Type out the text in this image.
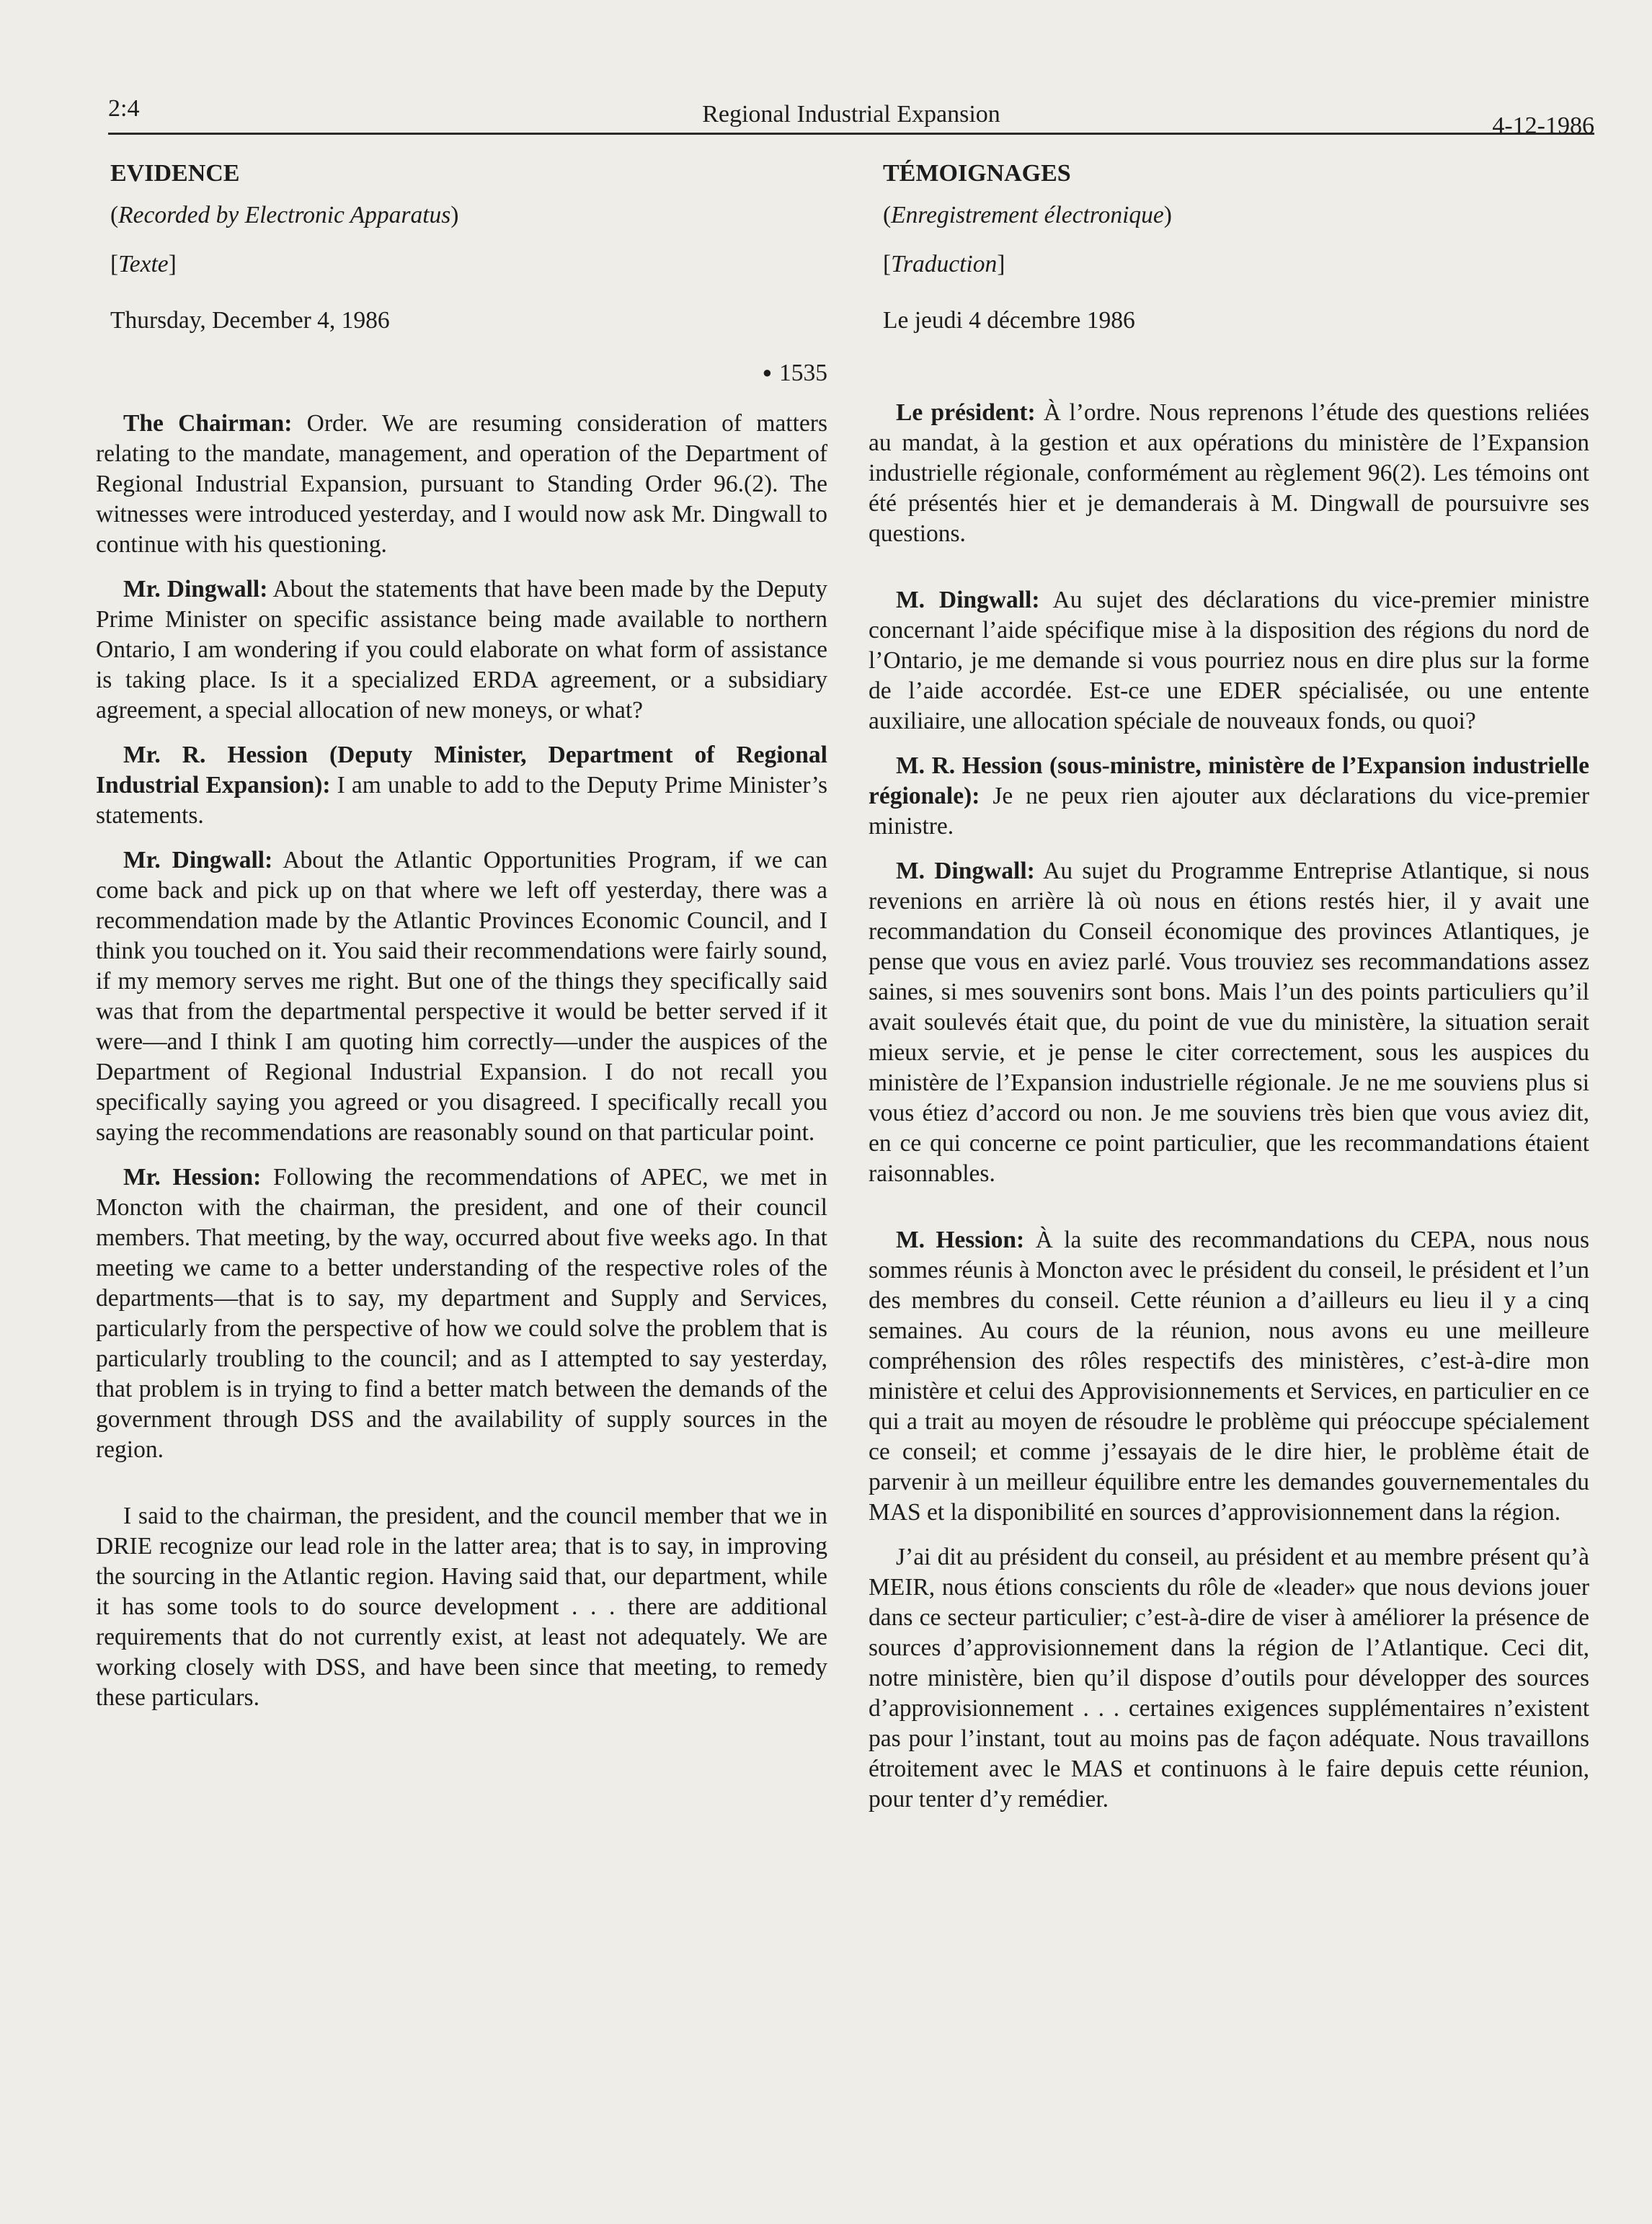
2:4	Regional Industrial Expansion	4-12-1986
EVIDENCE
(Recorded by Electronic Apparatus)
[Texte]
Thursday, December 4, 1986
● 1535

The Chairman: Order. We are resuming consideration of matters relating to the mandate, management, and operation of the Department of Regional Industrial Expansion, pursuant to Standing Order 96.(2). The witnesses were introduced yesterday, and I would now ask Mr. Dingwall to continue with his questioning.

Mr. Dingwall: About the statements that have been made by the Deputy Prime Minister on specific assistance being made available to northern Ontario, I am wondering if you could elaborate on what form of assistance is taking place. Is it a specialized ERDA agreement, or a subsidiary agreement, a special allocation of new moneys, or what?

Mr. R. Hession (Deputy Minister, Department of Regional Industrial Expansion): I am unable to add to the Deputy Prime Minister’s statements.

Mr. Dingwall: About the Atlantic Opportunities Program, if we can come back and pick up on that where we left off yesterday, there was a recommendation made by the Atlantic Provinces Economic Council, and I think you touched on it. You said their recommendations were fairly sound, if my memory serves me right. But one of the things they specifically said was that from the departmental perspective it would be better served if it were—and I think I am quoting him correctly—under the auspices of the Department of Regional Industrial Expansion. I do not recall you specifically saying you agreed or you disagreed. I specifically recall you saying the recommendations are reasonably sound on that particular point.

Mr. Hession: Following the recommendations of APEC, we met in Moncton with the chairman, the president, and one of their council members. That meeting, by the way, occurred about five weeks ago. In that meeting we came to a better understanding of the respective roles of the departments—that is to say, my department and Supply and Services, particularly from the perspective of how we could solve the problem that is particularly troubling to the council; and as I attempted to say yesterday, that problem is in trying to find a better match between the demands of the government through DSS and the availability of supply sources in the region.

I said to the chairman, the president, and the council member that we in DRIE recognize our lead role in the latter area; that is to say, in improving the sourcing in the Atlantic region. Having said that, our department, while it has some tools to do source development . . . there are additional requirements that do not currently exist, at least not adequately. We are working closely with DSS, and have been since that meeting, to remedy these particulars.

TÉMOIGNAGES
(Enregistrement électronique)
[Traduction]
Le jeudi 4 décembre 1986

Le président: À l’ordre. Nous reprenons l’étude des questions reliées au mandat, à la gestion et aux opérations du ministère de l’Expansion industrielle régionale, conformément au règlement 96(2). Les témoins ont été présentés hier et je demanderais à M. Dingwall de poursuivre ses questions.

M. Dingwall: Au sujet des déclarations du vice-premier ministre concernant l’aide spécifique mise à la disposition des régions du nord de l’Ontario, je me demande si vous pourriez nous en dire plus sur la forme de l’aide accordée. Est-ce une EDER spécialisée, ou une entente auxiliaire, une allocation spéciale de nouveaux fonds, ou quoi?

M. R. Hession (sous-ministre, ministère de l’Expansion industrielle régionale): Je ne peux rien ajouter aux déclarations du vice-premier ministre.

M. Dingwall: Au sujet du Programme Entreprise Atlantique, si nous revenions en arrière là où nous en étions restés hier, il y avait une recommandation du Conseil économique des provinces Atlantiques, je pense que vous en aviez parlé. Vous trouviez ses recommandations assez saines, si mes souvenirs sont bons. Mais l’un des points particuliers qu’il avait soulevés était que, du point de vue du ministère, la situation serait mieux servie, et je pense le citer correctement, sous les auspices du ministère de l’Expansion industrielle régionale. Je ne me souviens plus si vous étiez d’accord ou non. Je me souviens très bien que vous aviez dit, en ce qui concerne ce point particulier, que les recommandations étaient raisonnables.

M. Hession: À la suite des recommandations du CEPA, nous nous sommes réunis à Moncton avec le président du conseil, le président et l’un des membres du conseil. Cette réunion a d’ailleurs eu lieu il y a cinq semaines. Au cours de la réunion, nous avons eu une meilleure compréhension des rôles respectifs des ministères, c’est-à-dire mon ministère et celui des Approvisionnements et Services, en particulier en ce qui a trait au moyen de résoudre le problème qui préoccupe spécialement ce conseil; et comme j’essayais de le dire hier, le problème était de parvenir à un meilleur équilibre entre les demandes gouvernementales du MAS et la disponibilité en sources d’approvisionnement dans la région.

J’ai dit au président du conseil, au président et au membre présent qu’à MEIR, nous étions conscients du rôle de «leader» que nous devions jouer dans ce secteur particulier; c’est-à-dire de viser à améliorer la présence de sources d’approvisionnement dans la région de l’Atlantique. Ceci dit, notre ministère, bien qu’il dispose d’outils pour développer des sources d’approvisionnement . . . certaines exigences supplémentaires n’existent pas pour l’instant, tout au moins pas de façon adéquate. Nous travaillons étroitement avec le MAS et continuons à le faire depuis cette réunion, pour tenter d’y remédier.
